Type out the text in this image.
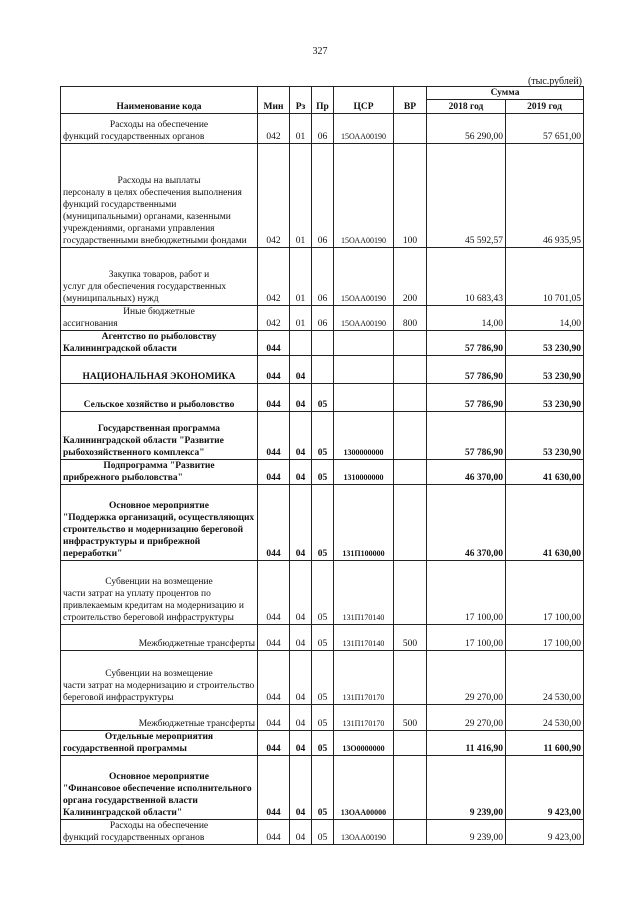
327
(тыс.рублей)
Наименование кода	Мин	Рз	Пр	ЦСР	ВР	Сумма	
						2018 год	2019 год

Расходы на обеспечение
функций государственных органов	042	01	06	15ОАА00190		56 290,00	57 651,00

Расходы на выплаты
персоналу в целях обеспечения выполнения функций государственными (муниципальными) органами, казенными учреждениями, органами управления государственными внебюджетными фондами	042	01	06	15ОАА00190	100	45 592,57	46 935,95

Закупка товаров, работ и
услуг для обеспечения государственных (муниципальных) нужд	042	01	06	15ОАА00190	200	10 683,43	10 701,05

Иные бюджетные
ассигнования	042	01	06	15ОАА00190	800	14,00	14,00

Агентство по рыболовству
Калининградской области	044					57 786,90	53 230,90

НАЦИОНАЛЬНАЯ ЭКОНОМИКА	044	04				57 786,90	53 230,90

Сельское хозяйство и рыболовство	044	04	05			57 786,90	53 230,90

Государственная программа
Калининградской области "Развитие рыбохозяйственного комплекса"	044	04	05	1300000000		57 786,90	53 230,90

Подпрограмма "Развитие
прибрежного рыболовства"	044	04	05	1310000000		46 370,00	41 630,00

Основное мероприятие
"Поддержка организаций, осуществляющих строительство и модернизацию береговой инфраструктуры и прибрежной переработки"	044	04	05	131П100000		46 370,00	41 630,00

Субвенции на возмещение
части затрат на уплату процентов по привлекаемым кредитам на модернизацию и строительство береговой инфраструктуры	044	04	05	131П170140		17 100,00	17 100,00

Межбюджетные трансферты	044	04	05	131П170140	500	17 100,00	17 100,00

Субвенции на возмещение
части затрат на модернизацию и строительство береговой инфраструктуры	044	04	05	131П170170		29 270,00	24 530,00

Межбюджетные трансферты	044	04	05	131П170170	500	29 270,00	24 530,00

Отдельные мероприятия
государственной программы	044	04	05	13О0000000		11 416,90	11 600,90

Основное мероприятие
"Финансовое обеспечение исполнительного органа государственной власти Калининградской области"	044	04	05	13ОАА00000		9 239,00	9 423,00

Расходы на обеспечение
функций государственных органов	044	04	05	13ОАА00190		9 239,00	9 423,00
